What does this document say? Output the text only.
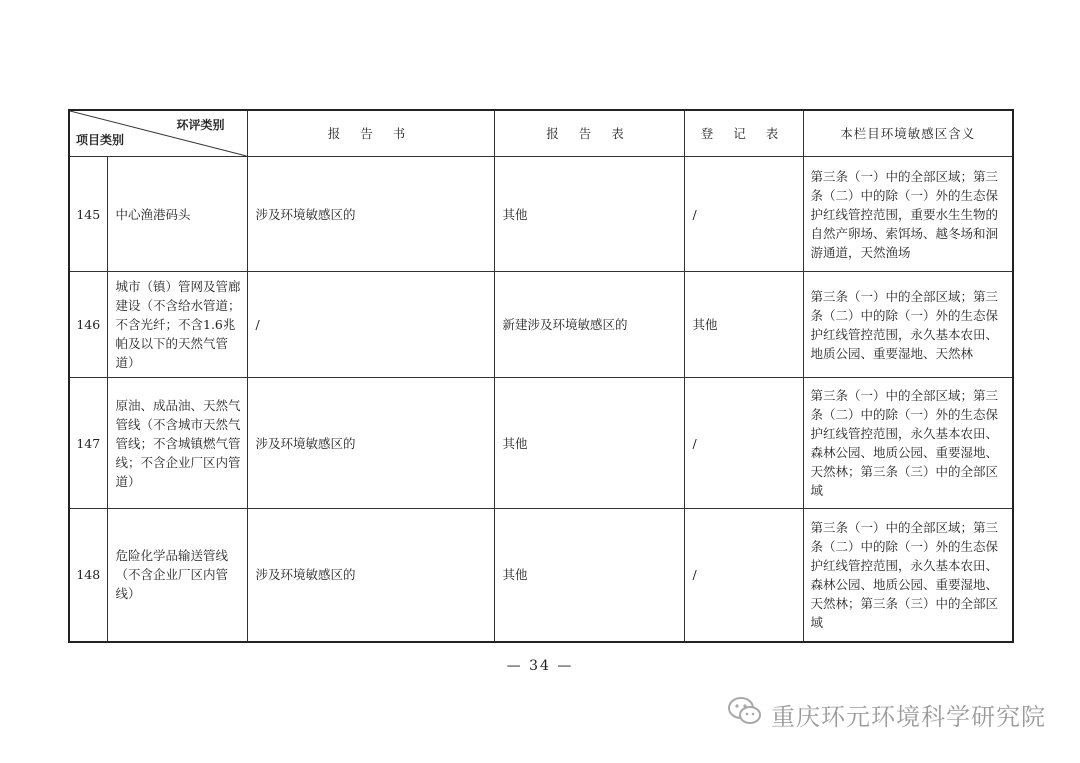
环评类别
项目类别		报 告 书	报 告 表	登 记 表	本栏目环境敏感区含义
145	中心渔港码头	涉及环境敏感区的	其他	/	第三条（一）中的全部区域；第三条（二）中的除（一）外的生态保护红线管控范围，重要水生生物的自然产卵场、索饵场、越冬场和洄游通道，天然渔场
146	城市（镇）管网及管廊建设（不含给水管道；不含光纤；不含1.6兆帕及以下的天然气管道）	/	新建涉及环境敏感区的	其他	第三条（一）中的全部区域；第三条（二）中的除（一）外的生态保护红线管控范围，永久基本农田、地质公园、重要湿地、天然林
147	原油、成品油、天然气管线（不含城市天然气管线；不含城镇燃气管线；不含企业厂区内管道）	涉及环境敏感区的	其他	/	第三条（一）中的全部区域；第三条（二）中的除（一）外的生态保护红线管控范围，永久基本农田、森林公园、地质公园、重要湿地、天然林；第三条（三）中的全部区域
148	危险化学品输送管线（不含企业厂区内管线）	涉及环境敏感区的	其他	/	第三条（一）中的全部区域；第三条（二）中的除（一）外的生态保护红线管控范围，永久基本农田、森林公园、地质公园、重要湿地、天然林；第三条（三）中的全部区域
— 34 —
重庆环元环境科学研究院
